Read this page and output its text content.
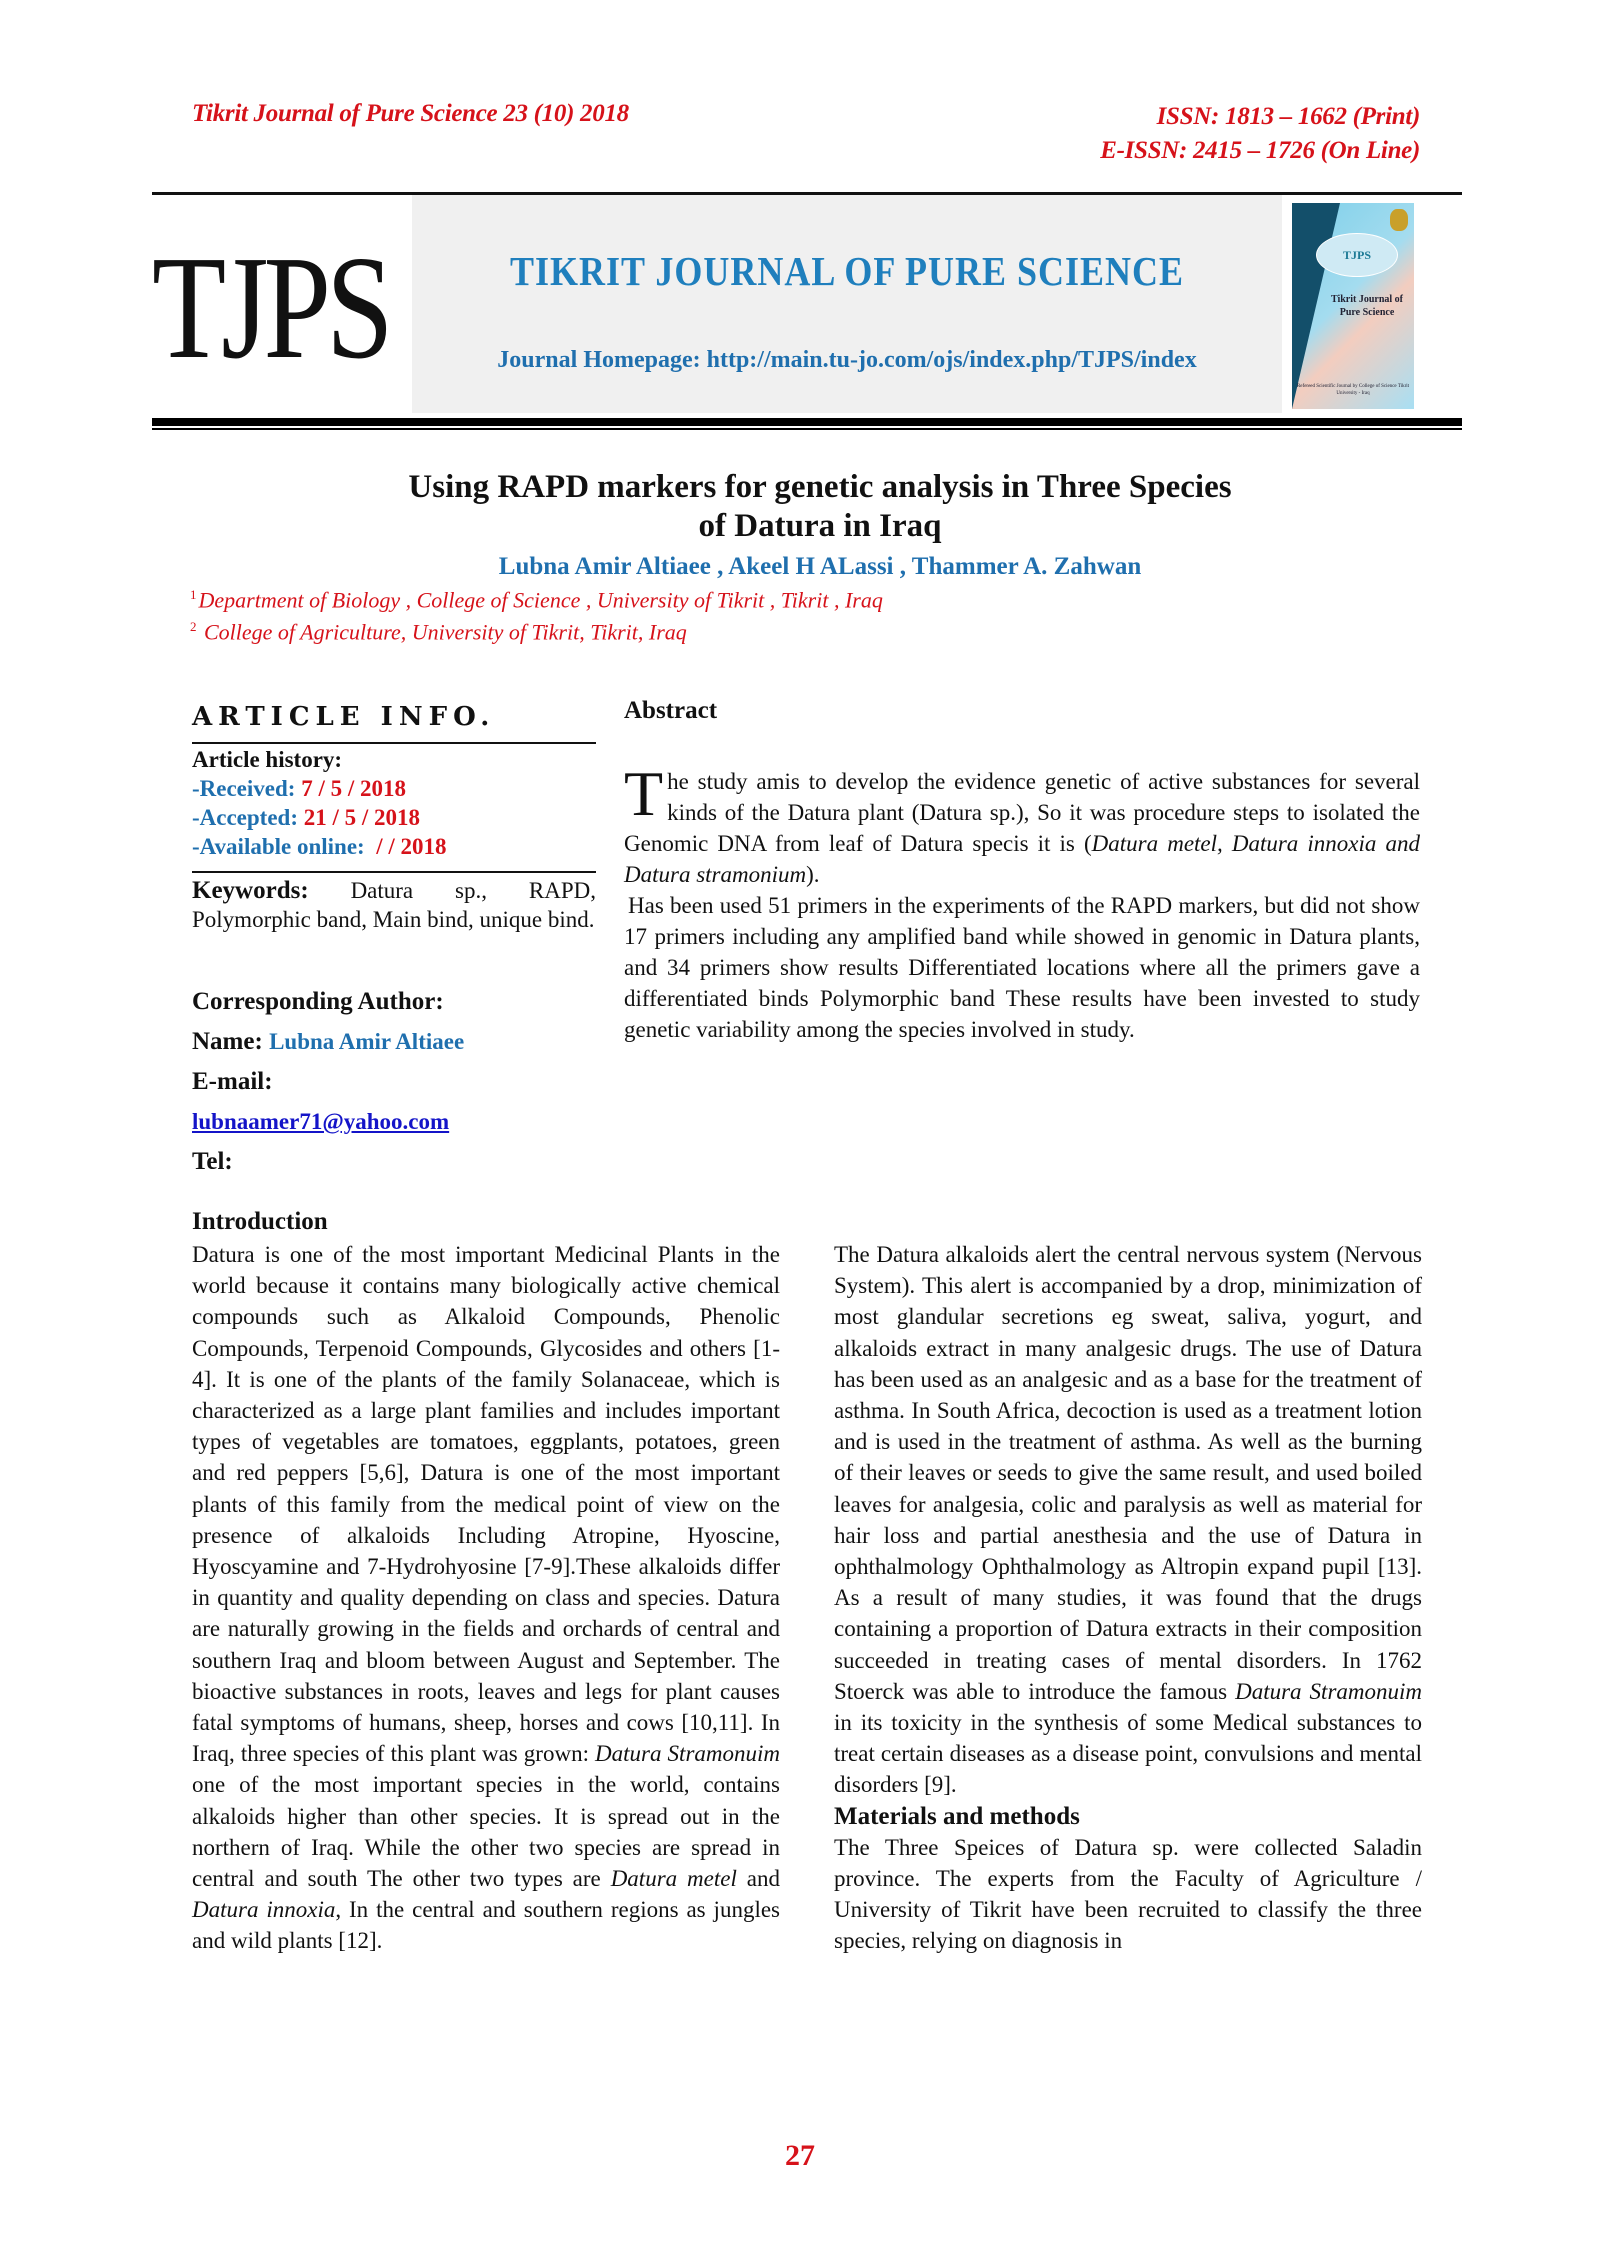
Tikrit Journal of Pure Science 23 (10) 2018	ISSN: 1813 – 1662 (Print)
E-ISSN: 2415 – 1726 (On Line)
TJPS	TIKRIT JOURNAL OF PURE SCIENCE
Journal Homepage: http://main.tu-jo.com/ojs/index.php/TJPS/index
TJPS
Tikrit Journal of Pure Science
Refereed Scientific Journal by College of Science Tikrit University - Iraq
Using RAPD markers for genetic analysis in Three Species
of Datura in Iraq
Lubna Amir Altiaee , Akeel H ALassi , Thammer A. Zahwan
$^1$Department of Biology , College of Science , University of Tikrit , Tikrit , Iraq
$^2$ College of Agriculture, University of Tikrit, Tikrit, Iraq
ARTICLE INFO.
Article history:
-Received: 7 / 5 / 2018
-Accepted: 21 / 5 / 2018
-Available online: / / 2018
Keywords: Datura sp., RAPD, Polymorphic band, Main bind, unique bind.
Corresponding Author:
Name: Lubna Amir Altiaee
E-mail:
lubnaamer71@yahoo.com
Tel:
Abstract
The study amis to develop the evidence genetic of active substances for several kinds of the Datura plant (Datura sp.), So it was procedure steps to isolated the Genomic DNA from leaf of Datura specis it is (Datura metel, Datura innoxia and Datura stramonium).
Has been used 51 primers in the experiments of the RAPD markers, but did not show 17 primers including any amplified band while showed in genomic in Datura plants, and 34 primers show results Differentiated locations where all the primers gave a differentiated binds Polymorphic band These results have been invested to study genetic variability among the species involved in study.
Introduction
Datura is one of the most important Medicinal Plants in the world because it contains many biologically active chemical compounds such as Alkaloid Compounds, Phenolic Compounds, Terpenoid Compounds, Glycosides and others [1-4]. It is one of the plants of the family Solanaceae, which is characterized as a large plant families and includes important types of vegetables are tomatoes, eggplants, potatoes, green and red peppers [5,6], Datura is one of the most important plants of this family from the medical point of view on the presence of alkaloids Including Atropine, Hyoscine, Hyoscyamine and 7-Hydrohyosine [7-9].These alkaloids differ in quantity and quality depending on class and species. Datura are naturally growing in the fields and orchards of central and southern Iraq and bloom between August and September. The bioactive substances in roots, leaves and legs for plant causes fatal symptoms of humans, sheep, horses and cows [10,11]. In Iraq, three species of this plant was grown: Datura Stramonuim one of the most important species in the world, contains alkaloids higher than other species. It is spread out in the northern of Iraq. While the other two species are spread in central and south The other two types are Datura metel and Datura innoxia, In the central and southern regions as jungles and wild plants [12].
The Datura alkaloids alert the central nervous system (Nervous System). This alert is accompanied by a drop, minimization of most glandular secretions eg sweat, saliva, yogurt, and alkaloids extract in many analgesic drugs. The use of Datura has been used as an analgesic and as a base for the treatment of asthma. In South Africa, decoction is used as a treatment lotion and is used in the treatment of asthma. As well as the burning of their leaves or seeds to give the same result, and used boiled leaves for analgesia, colic and paralysis as well as material for hair loss and partial anesthesia and the use of Datura in ophthalmology Ophthalmology as Altropin expand pupil [13]. As a result of many studies, it was found that the drugs containing a proportion of Datura extracts in their composition succeeded in treating cases of mental disorders. In 1762 Stoerck was able to introduce the famous Datura Stramonuim in its toxicity in the synthesis of some Medical substances to treat certain diseases as a disease point, convulsions and mental disorders [9].
Materials and methods
The Three Speices of Datura sp. were collected Saladin province. The experts from the Faculty of Agriculture / University of Tikrit have been recruited to classify the three species, relying on diagnosis in
27
